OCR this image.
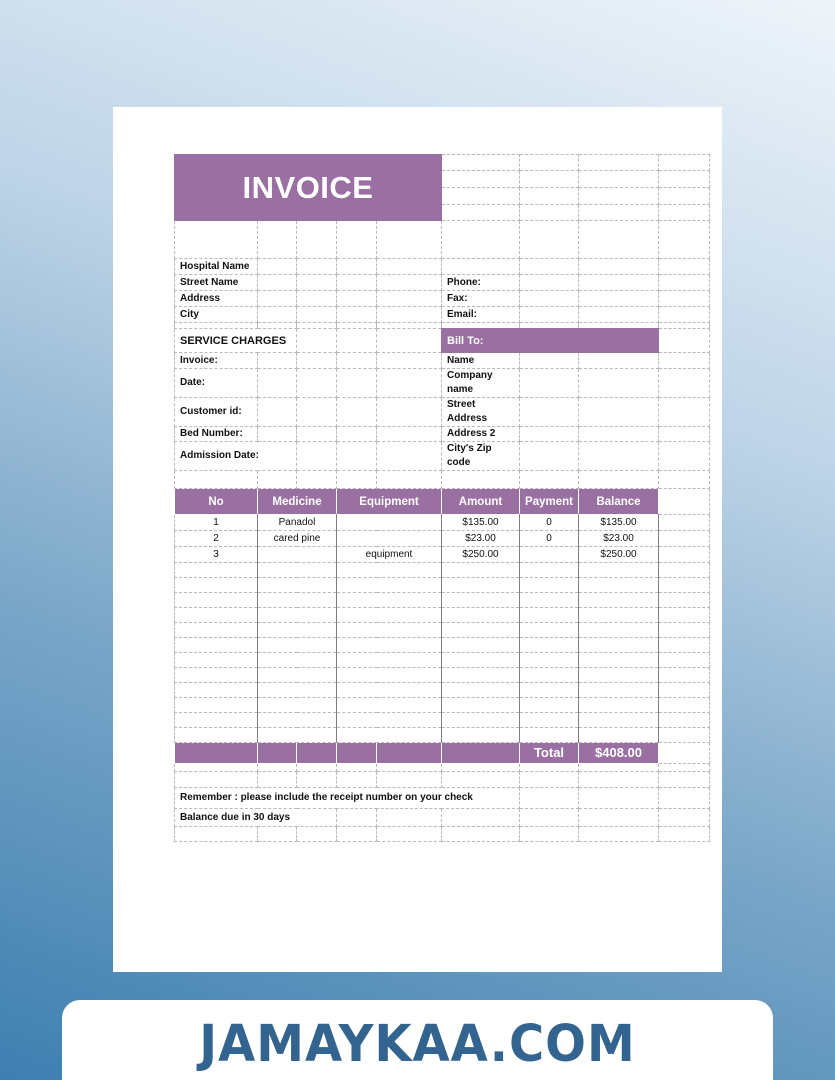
INVOICE								

Hospital Name								
Street Name					Phone:			
Address					Fax:			
City					Email:			

SERVICE CHARGES					Bill To:			
Invoice:					Name			
Date:					Company name			
Customer id:					Street Address			
Bed Number:					Address 2			
Admission Date:					City's Zip code			

No	Medicine		Equipment		Amount	Payment	Balance	
1	Panadol				$135.00	0	$135.00	
2	cared pine				$23.00	0	$23.00	
3			equipment		$250.00		$250.00	

						Total	$408.00	

Remember : please include the receipt number on your check								
Balance due in 30 days								

JAMAYKAA.COM
